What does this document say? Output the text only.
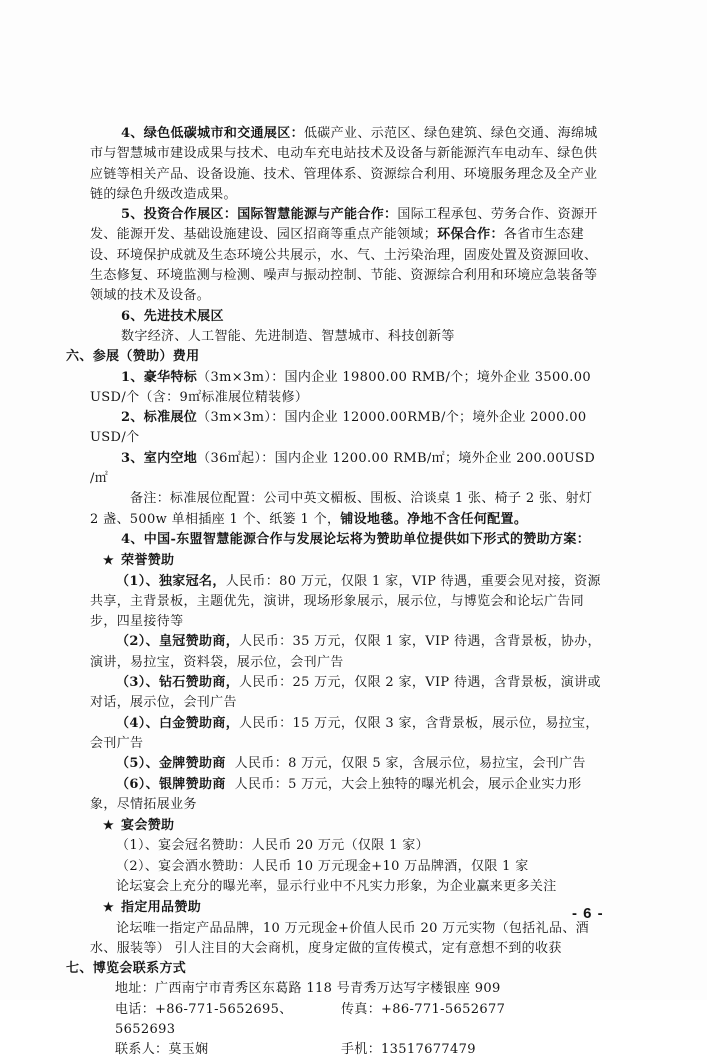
4、绿色低碳城市和交通展区：低碳产业、示范区、绿色建筑、绿色交通、海绵城市与智慧城市建设成果与技术、电动车充电站技术及设备与新能源汽车电动车、绿色供应链等相关产品、设备设施、技术、管理体系、资源综合利用、环境服务理念及全产业链的绿色升级改造成果。

5、投资合作展区：国际智慧能源与产能合作：国际工程承包、劳务合作、资源开发、能源开发、基础设施建设、园区招商等重点产能领域；环保合作：各省市生态建设、环境保护成就及生态环境公共展示，水、气、土污染治理，固废处置及资源回收、生态修复、环境监测与检测、噪声与振动控制、节能、资源综合利用和环境应急装备等领域的技术及设备。

6、先进技术展区

数字经济、人工智能、先进制造、智慧城市、科技创新等

六、参展（赞助）费用

1、豪华特标（3m×3m）：国内企业 19800.00 RMB/个；境外企业 3500.00 USD/个（含：9㎡标准展位精装修）

2、标准展位（3m×3m）：国内企业 12000.00RMB/个；境外企业 2000.00 USD/个

3、室内空地（36㎡起）：国内企业 1200.00 RMB/㎡；境外企业 200.00USD /㎡

备注：标准展位配置：公司中英文楣板、围板、洽谈桌 1 张、椅子 2 张、射灯 2 盏、500w 单相插座 1 个、纸篓 1 个，铺设地毯。净地不含任何配置。

4、中国-东盟智慧能源合作与发展论坛将为赞助单位提供如下形式的赞助方案：

★ 荣誉赞助

（1）、独家冠名，人民币：80 万元，仅限 1 家，VIP 待遇，重要会见对接，资源共享，主背景板，主题优先，演讲，现场形象展示，展示位，与博览会和论坛广告同步，四星接待等

（2）、皇冠赞助商，人民币：35 万元，仅限 1 家，VIP 待遇，含背景板，协办，演讲，易拉宝，资料袋，展示位，会刊广告

（3）、钻石赞助商，人民币：25 万元，仅限 2 家，VIP 待遇，含背景板，演讲或对话，展示位，会刊广告

（4）、白金赞助商，人民币：15 万元，仅限 3 家，含背景板，展示位，易拉宝，会刊广告

（5）、金牌赞助商 人民币：8 万元，仅限 5 家，含展示位，易拉宝，会刊广告

（6）、银牌赞助商 人民币：5 万元，大会上独特的曝光机会，展示企业实力形象，尽情拓展业务

★ 宴会赞助

（1）、宴会冠名赞助：人民币 20 万元（仅限 1 家）

（2）、宴会酒水赞助：人民币 10 万元现金+10 万品牌酒，仅限 1 家

论坛宴会上充分的曝光率，显示行业中不凡实力形象，为企业赢来更多关注

★ 指定用品赞助

论坛唯一指定产品品牌，10 万元现金+价值人民币 20 万元实物（包括礼品、酒水、服装等） 引人注目的大会商机，度身定做的宣传模式，定有意想不到的收获

七、博览会联系方式

地址：广西南宁市青秀区东葛路 118 号青秀万达写字楼银座 909

电话：+86-771-5652695、5652693
传真：+86-771-5652677

联系人：莫玉娴	手机：13517677479

- 6 -
